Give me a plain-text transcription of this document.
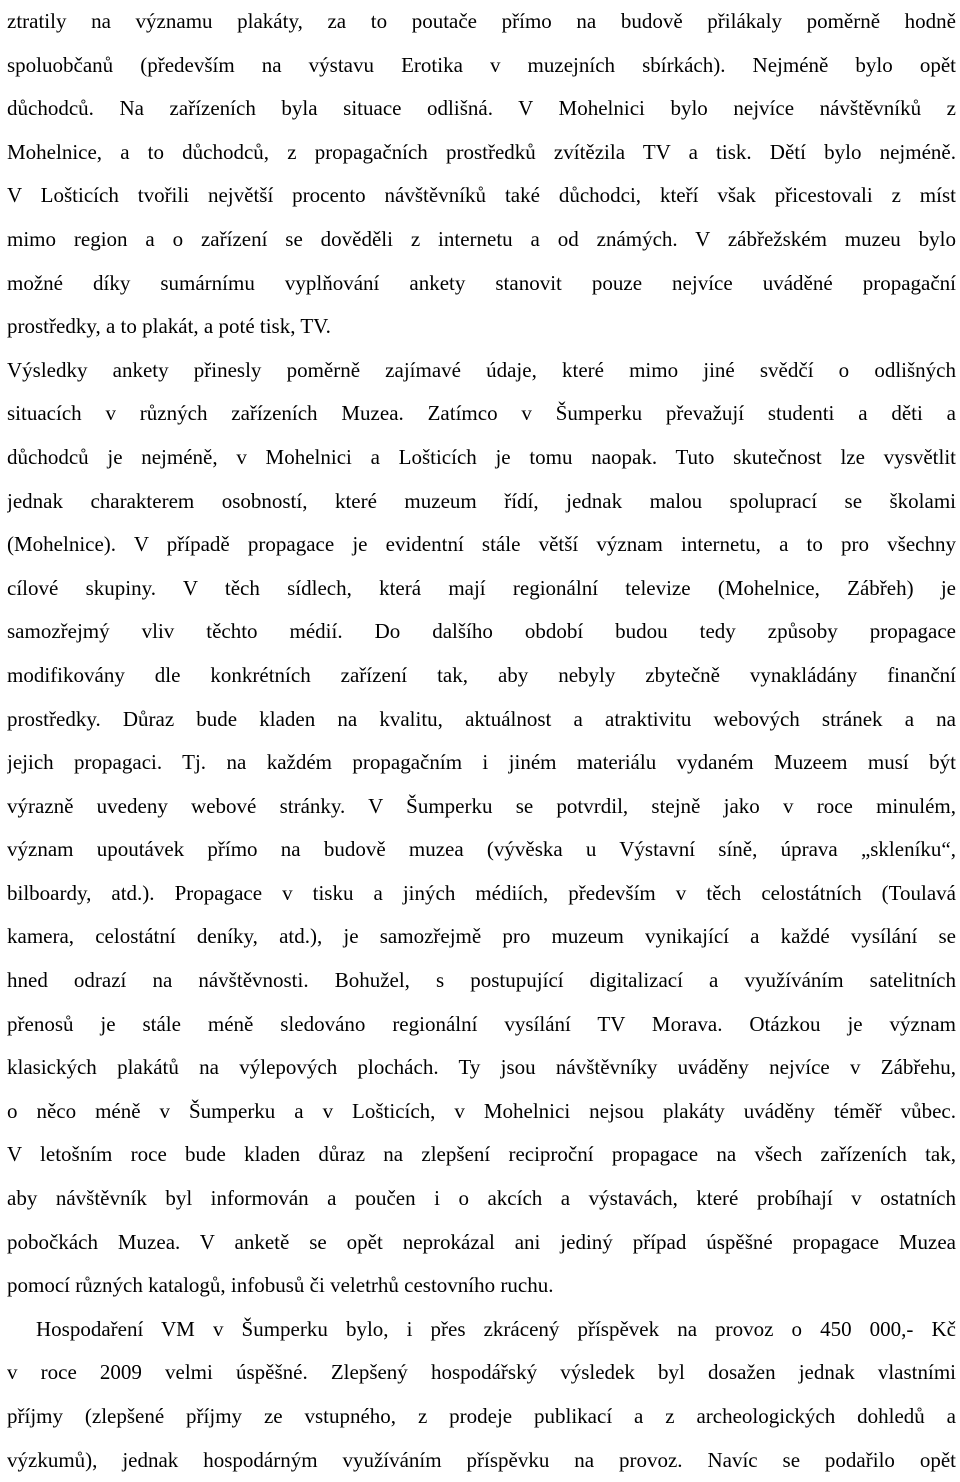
ztratily na významu plakáty, za to poutače přímo na budově přilákaly poměrně hodně
spoluobčanů (především na výstavu Erotika v muzejních sbírkách). Nejméně bylo opět
důchodců. Na zařízeních byla situace odlišná. V Mohelnici bylo nejvíce návštěvníků z
Mohelnice, a to důchodců, z propagačních prostředků zvítězila TV a tisk. Dětí bylo nejméně.
V Lošticích tvořili největší procento návštěvníků také důchodci, kteří však přicestovali z míst
mimo region a o zařízení se dověděli z internetu a od známých. V zábřežském muzeu bylo
možné díky sumárnímu vyplňování ankety stanovit pouze nejvíce uváděné propagační
prostředky, a to plakát, a poté tisk, TV.
Výsledky ankety přinesly poměrně zajímavé údaje, které mimo jiné svědčí o odlišných
situacích v různých zařízeních Muzea. Zatímco v Šumperku převažují studenti a děti a
důchodců je nejméně, v Mohelnici a Lošticích je tomu naopak. Tuto skutečnost lze vysvětlit
jednak charakterem osobností, které muzeum řídí, jednak malou spoluprací se školami
(Mohelnice). V případě propagace je evidentní stále větší význam internetu, a to pro všechny
cílové skupiny. V těch sídlech, která mají regionální televize (Mohelnice, Zábřeh) je
samozřejmý vliv těchto médií. Do dalšího období budou tedy způsoby propagace
modifikovány dle konkrétních zařízení tak, aby nebyly zbytečně vynakládány finanční
prostředky. Důraz bude kladen na kvalitu, aktuálnost a atraktivitu webových stránek a na
jejich propagaci. Tj. na každém propagačním i jiném materiálu vydaném Muzeem musí být
výrazně uvedeny webové stránky. V Šumperku se potvrdil, stejně jako v roce minulém,
význam upoutávek přímo na budově muzea (vývěska u Výstavní síně, úprava „skleníku“,
bilboardy, atd.). Propagace v tisku a jiných médiích, především v těch celostátních (Toulavá
kamera, celostátní deníky, atd.), je samozřejmě pro muzeum vynikající a každé vysílání se
hned odrazí na návštěvnosti. Bohužel, s postupující digitalizací a využíváním satelitních
přenosů je stále méně sledováno regionální vysílání TV Morava. Otázkou je význam
klasických plakátů na výlepových plochách. Ty jsou návštěvníky uváděny nejvíce v Zábřehu,
o něco méně v Šumperku a v Lošticích, v Mohelnici nejsou plakáty uváděny téměř vůbec.
V letošním roce bude kladen důraz na zlepšení reciproční propagace na všech zařízeních tak,
aby návštěvník byl informován a poučen i o akcích a výstavách, které probíhají v ostatních
pobočkách Muzea. V anketě se opět neprokázal ani jediný případ úspěšné propagace Muzea
pomocí různých katalogů, infobusů či veletrhů cestovního ruchu.
Hospodaření VM v Šumperku bylo, i přes zkrácený příspěvek na provoz o 450 000,- Kč
v roce 2009 velmi úspěšné. Zlepšený hospodářský výsledek byl dosažen jednak vlastními
příjmy (zlepšené příjmy ze vstupného, z prodeje publikací a z archeologických dohledů a
výzkumů), jednak hospodárným využíváním příspěvku na provoz. Navíc se podařilo opět
